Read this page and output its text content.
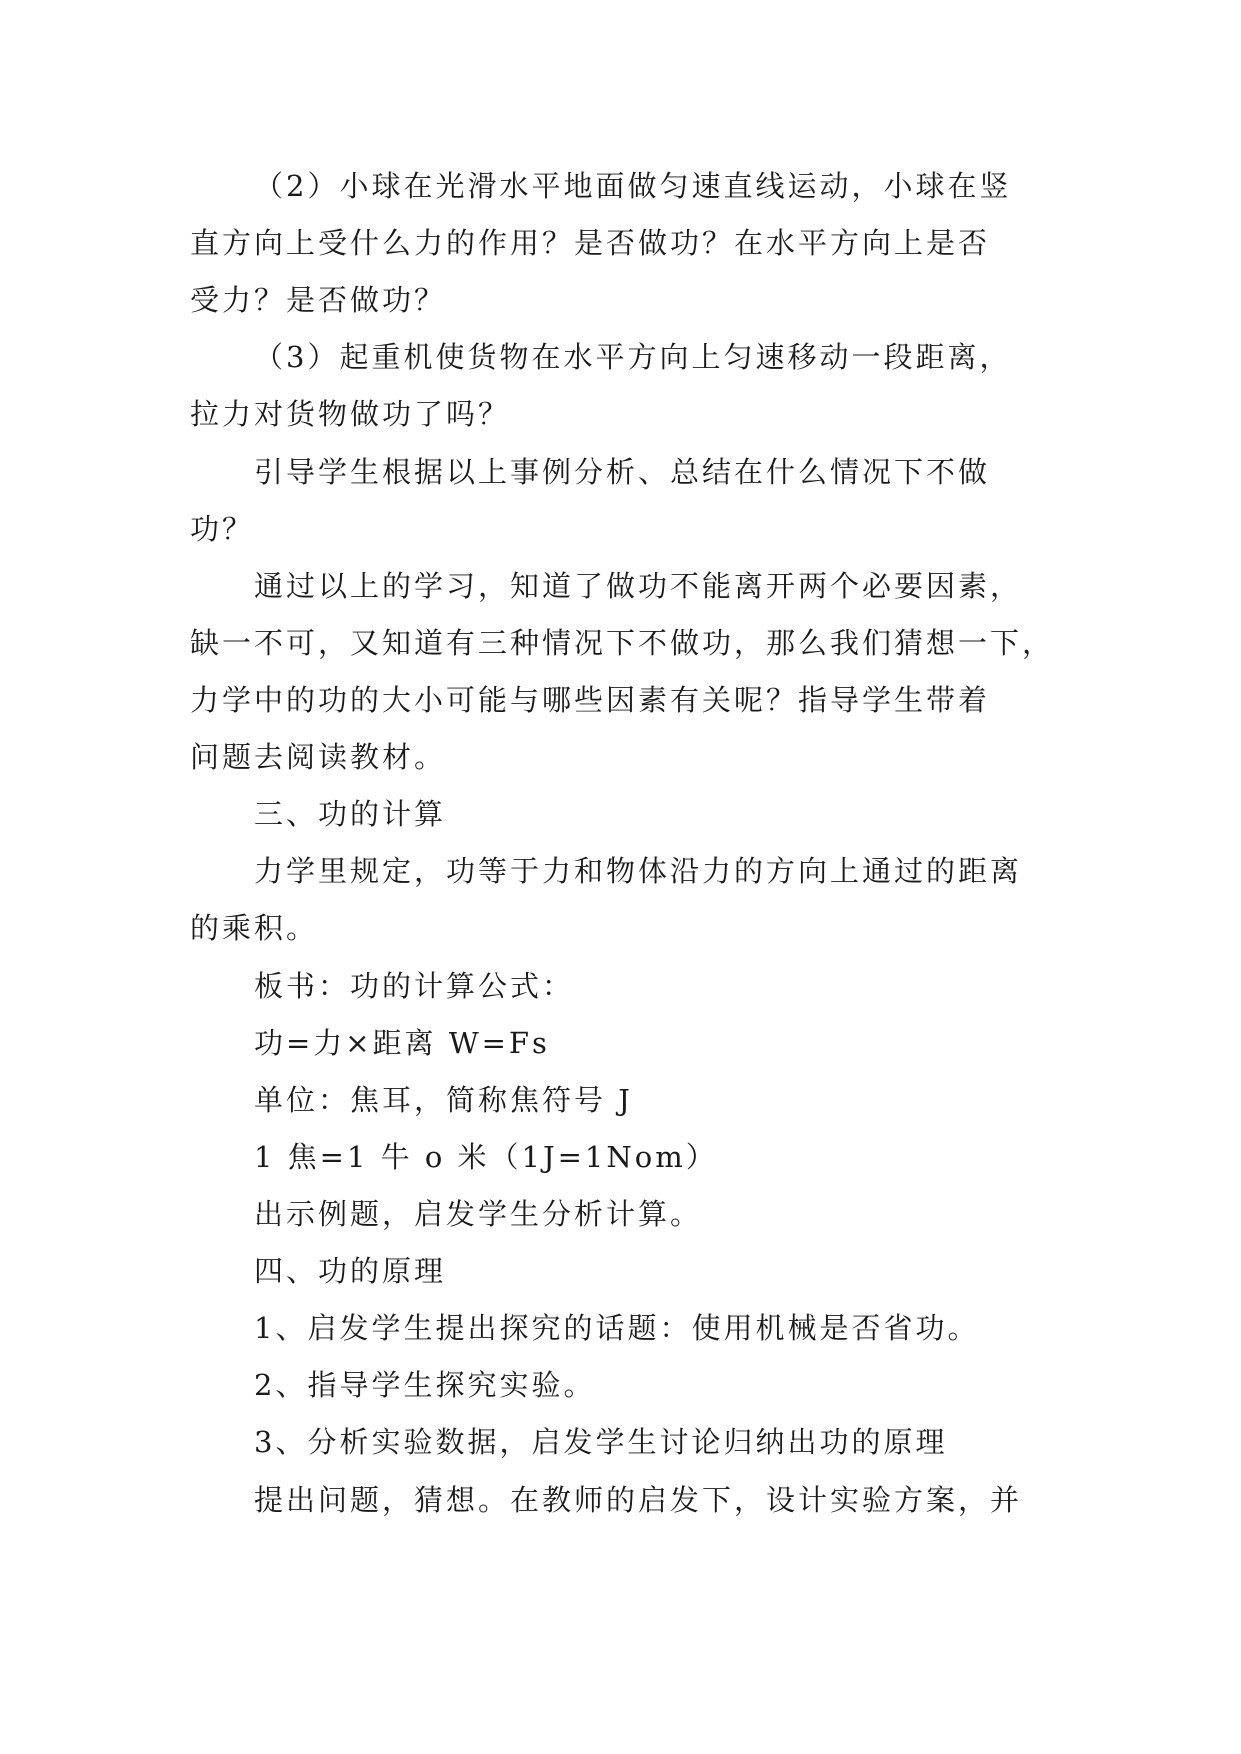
（2）小球在光滑水平地面做匀速直线运动，小球在竖
直方向上受什么力的作用？是否做功？在水平方向上是否
受力？是否做功？
（3）起重机使货物在水平方向上匀速移动一段距离，
拉力对货物做功了吗？
引导学生根据以上事例分析、总结在什么情况下不做
功？
通过以上的学习，知道了做功不能离开两个必要因素，
缺一不可，又知道有三种情况下不做功，那么我们猜想一下，
力学中的功的大小可能与哪些因素有关呢？指导学生带着
问题去阅读教材。
三、功的计算
力学里规定，功等于力和物体沿力的方向上通过的距离
的乘积。
板书：功的计算公式：
功=力×距离 W=Fs
单位：焦耳，简称焦符号 J
1 焦=1 牛 o 米（1J=1Nom）
出示例题，启发学生分析计算。
四、功的原理
1、启发学生提出探究的话题：使用机械是否省功。
2、指导学生探究实验。
3、分析实验数据，启发学生讨论归纳出功的原理
提出问题，猜想。在教师的启发下，设计实验方案，并
